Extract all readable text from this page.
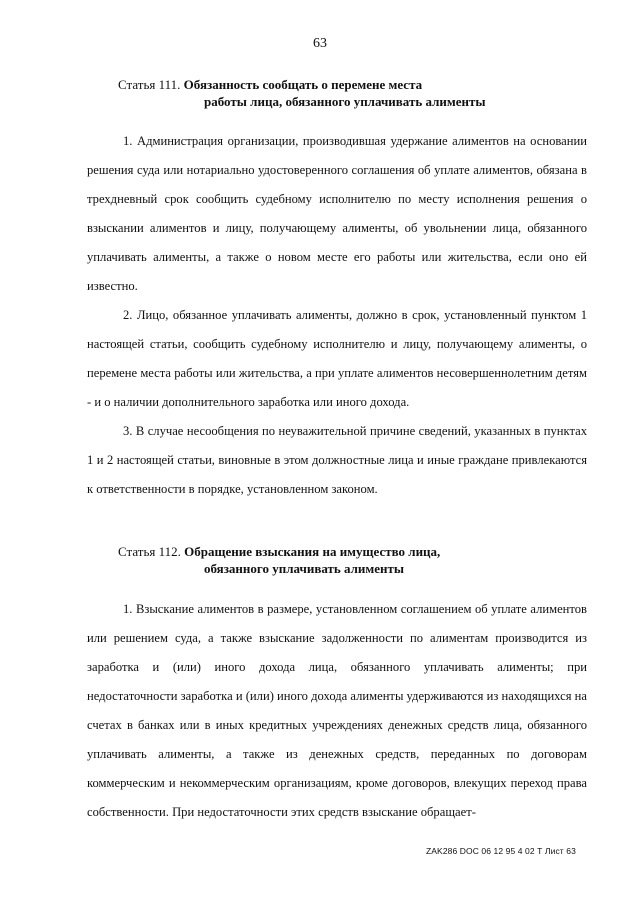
63
Статья 111. Обязанность сообщать о перемене места
работы лица, обязанного уплачивать алименты

1. Администрация организации, производившая удержание алиментов на основании решения суда или нотариально удостоверенного соглашения об уплате алиментов, обязана в трехдневный срок сообщить судебному исполнителю по месту исполнения решения о взыскании алиментов и лицу, получающему алименты, об увольнении лица, обязанного уплачивать алименты, а также о новом месте его работы или жительства, если оно ей известно.

2. Лицо, обязанное уплачивать алименты, должно в срок, установленный пунктом 1 настоящей статьи, сообщить судебному исполнителю и лицу, получающему алименты, о перемене места работы или жительства, а при уплате алиментов несовершеннолетним детям - и о наличии дополнительного заработка или иного дохода.

3. В случае несообщения по неуважительной причине сведений, указанных в пунктах 1 и 2 настоящей статьи, виновные в этом должностные лица и иные граждане привлекаются к ответственности в порядке, установленном законом.

Статья 112. Обращение взыскания на имущество лица,
обязанного уплачивать алименты

1. Взыскание алиментов в размере, установленном соглашением об уплате алиментов или решением суда, а также взыскание задолженности по алиментам производится из заработка и (или) иного дохода лица, обязанного уплачивать алименты; при недостаточности заработка и (или) иного дохода алименты удерживаются из находящихся на счетах в банках или в иных кредитных учреждениях денежных средств лица, обязанного уплачивать алименты, а также из денежных средств, переданных по договорам коммерческим и некоммерческим организациям, кроме договоров, влекущих переход права собственности. При недостаточности этих средств взыскание обращает-

ZAK286 DOC 06 12 95 4 02 Т Лист 63
